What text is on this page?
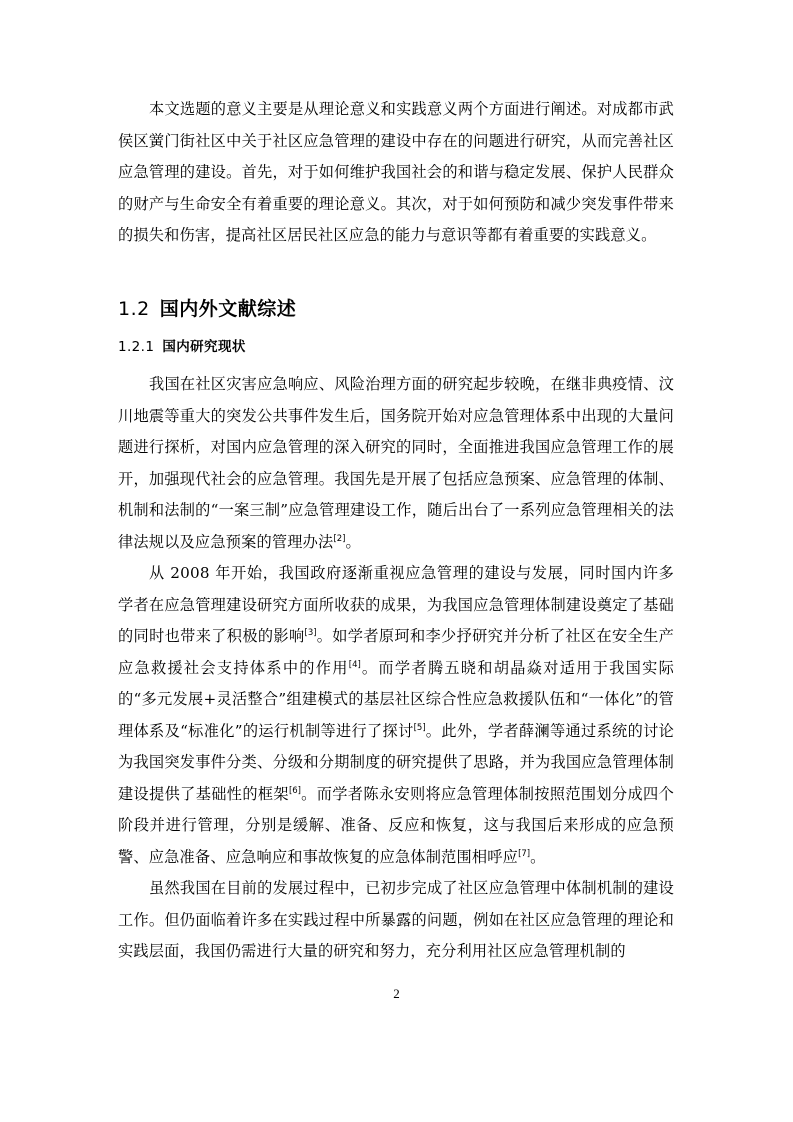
本文选题的意义主要是从理论意义和实践意义两个方面进行阐述。对成都市武侯区黉门街社区中关于社区应急管理的建设中存在的问题进行研究，从而完善社区应急管理的建设。首先，对于如何维护我国社会的和谐与稳定发展、保护人民群众的财产与生命安全有着重要的理论意义。其次，对于如何预防和减少突发事件带来的损失和伤害，提高社区居民社区应急的能力与意识等都有着重要的实践意义。

1.2 国内外文献综述
1.2.1 国内研究现状

我国在社区灾害应急响应、风险治理方面的研究起步较晚，在继非典疫情、汶川地震等重大的突发公共事件发生后，国务院开始对应急管理体系中出现的大量问题进行探析，对国内应急管理的深入研究的同时，全面推进我国应急管理工作的展开，加强现代社会的应急管理。我国先是开展了包括应急预案、应急管理的体制、机制和法制的“一案三制”应急管理建设工作，随后出台了一系列应急管理相关的法律法规以及应急预案的管理办法[2]。

从 2008 年开始，我国政府逐渐重视应急管理的建设与发展，同时国内许多学者在应急管理建设研究方面所收获的成果，为我国应急管理体制建设奠定了基础的同时也带来了积极的影响[3]。如学者原珂和李少抒研究并分析了社区在安全生产应急救援社会支持体系中的作用[4]。而学者腾五晓和胡晶焱对适用于我国实际的“多元发展+灵活整合”组建模式的基层社区综合性应急救援队伍和“一体化”的管理体系及“标准化”的运行机制等进行了探讨[5]。此外，学者薛澜等通过系统的讨论为我国突发事件分类、分级和分期制度的研究提供了思路，并为我国应急管理体制建设提供了基础性的框架[6]。而学者陈永安则将应急管理体制按照范围划分成四个阶段并进行管理，分别是缓解、准备、反应和恢复，这与我国后来形成的应急预警、应急准备、应急响应和事故恢复的应急体制范围相呼应[7]。

虽然我国在目前的发展过程中，已初步完成了社区应急管理中体制机制的建设工作。但仍面临着许多在实践过程中所暴露的问题，例如在社区应急管理的理论和实践层面，我国仍需进行大量的研究和努力，充分利用社区应急管理机制的

2
